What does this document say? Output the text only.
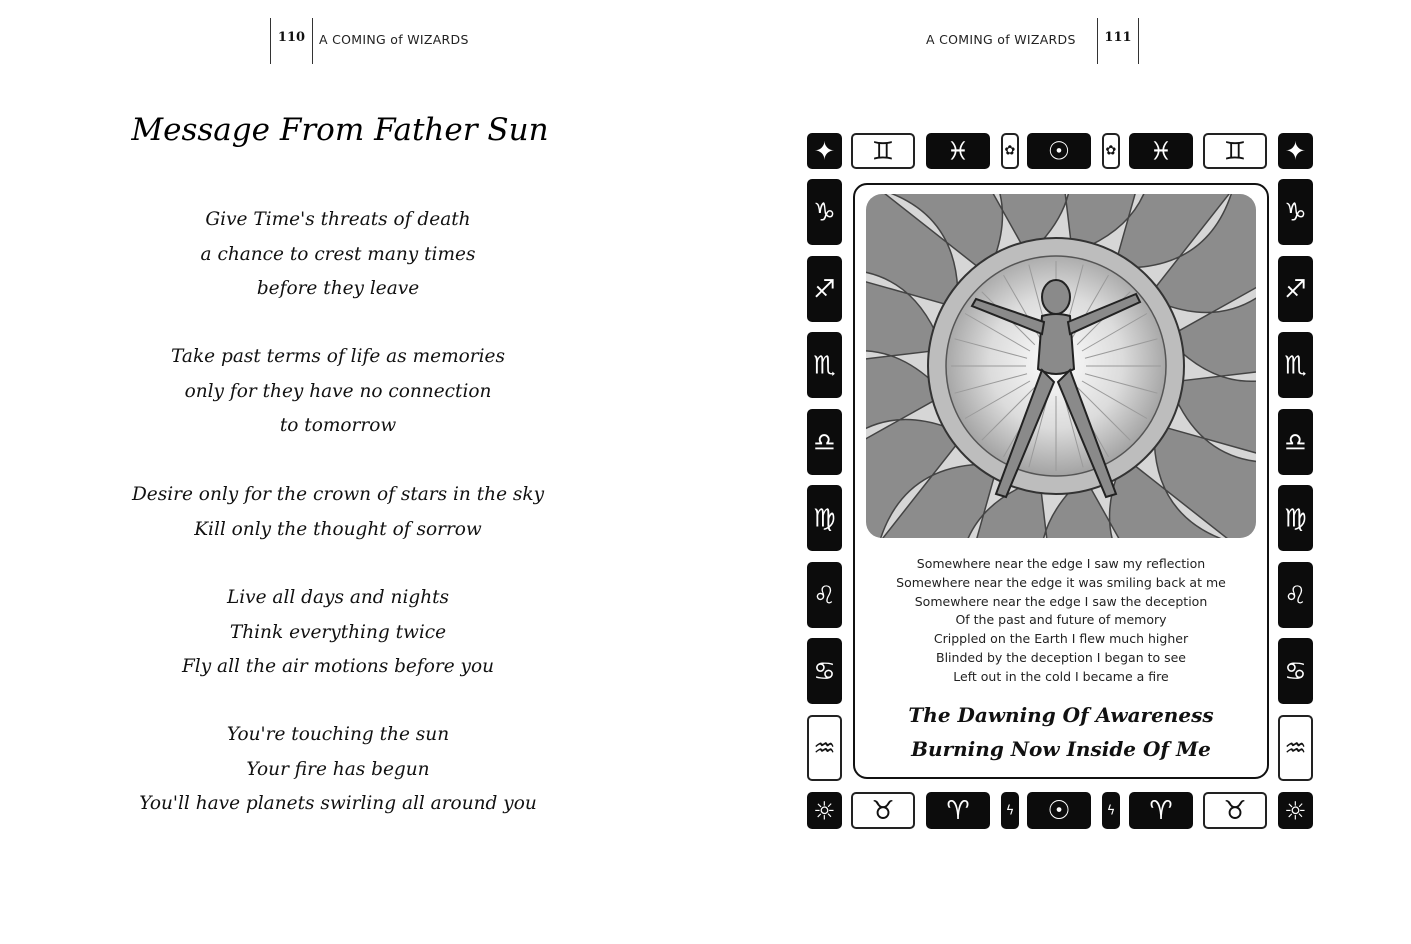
110	A COMING of WIZARDS
Message From Father Sun
Give Time's threats of death
a chance to crest many times
before they leave
Take past terms of life as memories
only for they have no connection
to tomorrow
Desire only for the crown of stars in the sky
Kill only the thought of sorrow
Live all days and nights
Think everything twice
Fly all the air motions before you
You're touching the sun
Your fire has begun
You'll have planets swirling all around you
A COMING of WIZARDS	111
✦	♊	♓	✿	☉	✿	♓	♊	✦
☼	♉	♈	ϟ	☉	ϟ	♈	♉	☼
♑
♐
♏
♎
♍
♌
♋
♒
♑
♐
♏
♎
♍
♌
♋
♒
Somewhere near the edge I saw my reflection
Somewhere near the edge it was smiling back at me
Somewhere near the edge I saw the deception
Of the past and future of memory
Crippled on the Earth I flew much higher
Blinded by the deception I began to see
Left out in the cold I became a fire
The Dawning Of Awareness
Burning Now Inside Of Me
